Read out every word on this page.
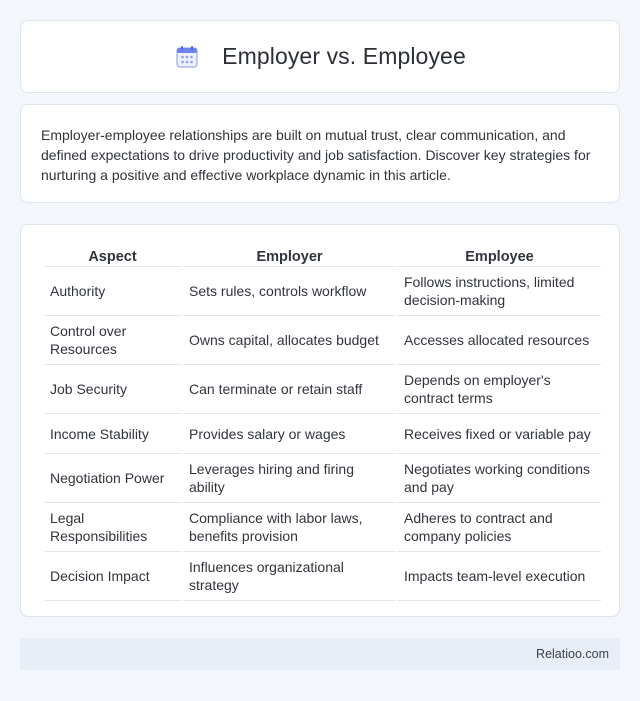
Employer vs. Employee

Employer-employee relationships are built on mutual trust, clear communication, and defined expectations to drive productivity and job satisfaction. Discover key strategies for nurturing a positive and effective workplace dynamic in this article.

Aspect	Employer	Employee
Authority	Sets rules, controls workflow	Follows instructions, limited decision-making
Control over Resources	Owns capital, allocates budget	Accesses allocated resources
Job Security	Can terminate or retain staff	Depends on employer's contract terms
Income Stability	Provides salary or wages	Receives fixed or variable pay
Negotiation Power	Leverages hiring and firing ability	Negotiates working conditions and pay
Legal Responsibilities	Compliance with labor laws, benefits provision	Adheres to contract and company policies
Decision Impact	Influences organizational strategy	Impacts team-level execution
Relatioo.com
